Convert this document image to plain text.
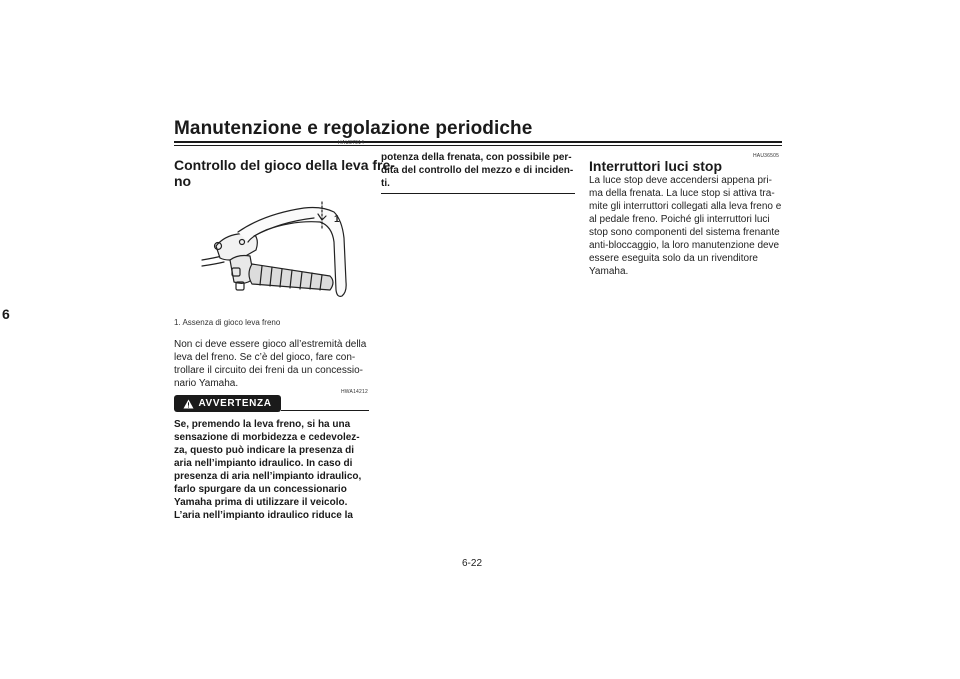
Manutenzione e regolazione periodiche
6
HAU37914
Controllo del gioco della leva fre-
no
1
1. Assenza di gioco leva freno
Non ci deve essere gioco all’estremità della
leva del freno. Se c’è del gioco, fare con-
trollare il circuito dei freni da un concessio-
nario Yamaha.
HWA14212
AVVERTENZA
Se, premendo la leva freno, si ha una
sensazione di morbidezza e cedevolez-
za, questo può indicare la presenza di
aria nell’impianto idraulico. In caso di
presenza di aria nell’impianto idraulico,
farlo spurgare da un concessionario
Yamaha prima di utilizzare il veicolo.
L’aria nell’impianto idraulico riduce la
potenza della frenata, con possibile per-
dita del controllo del mezzo e di inciden-
ti.
HAU36505
Interruttori luci stop
La luce stop deve accendersi appena pri-
ma della frenata. La luce stop si attiva tra-
mite gli interruttori collegati alla leva freno e
al pedale freno. Poiché gli interruttori luci
stop sono componenti del sistema frenante
anti-bloccaggio, la loro manutenzione deve
essere eseguita solo da un rivenditore
Yamaha.
6-22
